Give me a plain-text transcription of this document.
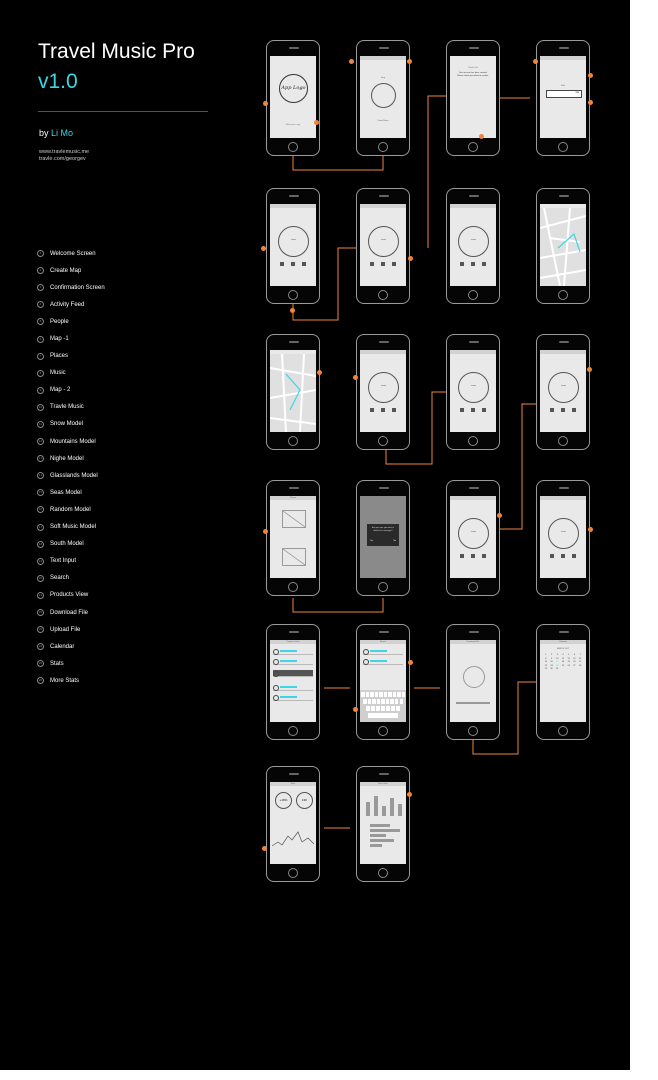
Travel Music Pro
v1.0
by Li Mo
www.travlemusic.me
travle.com/georgev
1	Welcome Screen
2	Create Map
3	Confirmation Screen
4	Activity Feed
5	People
6	Map -1
7	Places
8	Music
9	Map - 2
10	Travle Music
11	Snow Model
12	Mountains Model
13	Nighe Model
14	Glasslands Model
15	Seas Model
16	Random Model
17	Soft Music Model
18	South Model
19	Text Input
20	Search
21	Products View
22	Download File
23	Upload File
24	Calendar
25	Stats
26	More Stats
App Logo
Welcome to app
Map
Travel Music
Thank You!
Your account has been created. Please check your inbox to confirm.
Mail
888
snow	snow	snow
snow	snow	snow
Places
Are you sure you want to delete this message?
Yes	No
snow	snow
Products View	Search	Download File	Calendar
MARCH 2017
1	2	3	4	5	6	7
8	9	10	11	12	13	14
15	16	17	18	19	20	21
22	23	24	25	26	27	28
29	30	31
Stats
+18%	13K
More Stats
